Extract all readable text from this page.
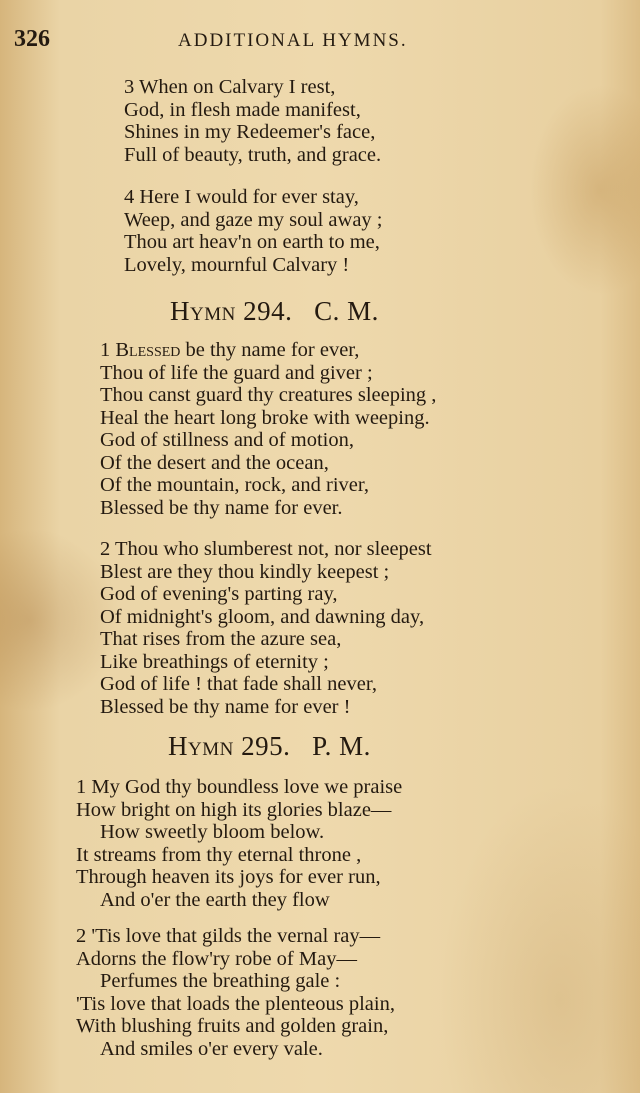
326	ADDITIONAL HYMNS.
3 When on Calvary I rest,
God, in flesh made manifest,
Shines in my Redeemer's face,
Full of beauty, truth, and grace.
4 Here I would for ever stay,
Weep, and gaze my soul away ;
Thou art heav'n on earth to me,
Lovely, mournful Calvary !
Hymn 294. C. M.
1 Blessed be thy name for ever,
Thou of life the guard and giver ;
Thou canst guard thy creatures sleeping ,
Heal the heart long broke with weeping.
God of stillness and of motion,
Of the desert and the ocean,
Of the mountain, rock, and river,
Blessed be thy name for ever.
2 Thou who slumberest not, nor sleepest
Blest are they thou kindly keepest ;
God of evening's parting ray,
Of midnight's gloom, and dawning day,
That rises from the azure sea,
Like breathings of eternity ;
God of life ! that fade shall never,
Blessed be thy name for ever !
Hymn 295. P. M.
1 My God thy boundless love we praise
How bright on high its glories blaze—
How sweetly bloom below.
It streams from thy eternal throne ,
Through heaven its joys for ever run,
And o'er the earth they flow
2 'Tis love that gilds the vernal ray—
Adorns the flow'ry robe of May—
Perfumes the breathing gale :
'Tis love that loads the plenteous plain,
With blushing fruits and golden grain,
And smiles o'er every vale.
